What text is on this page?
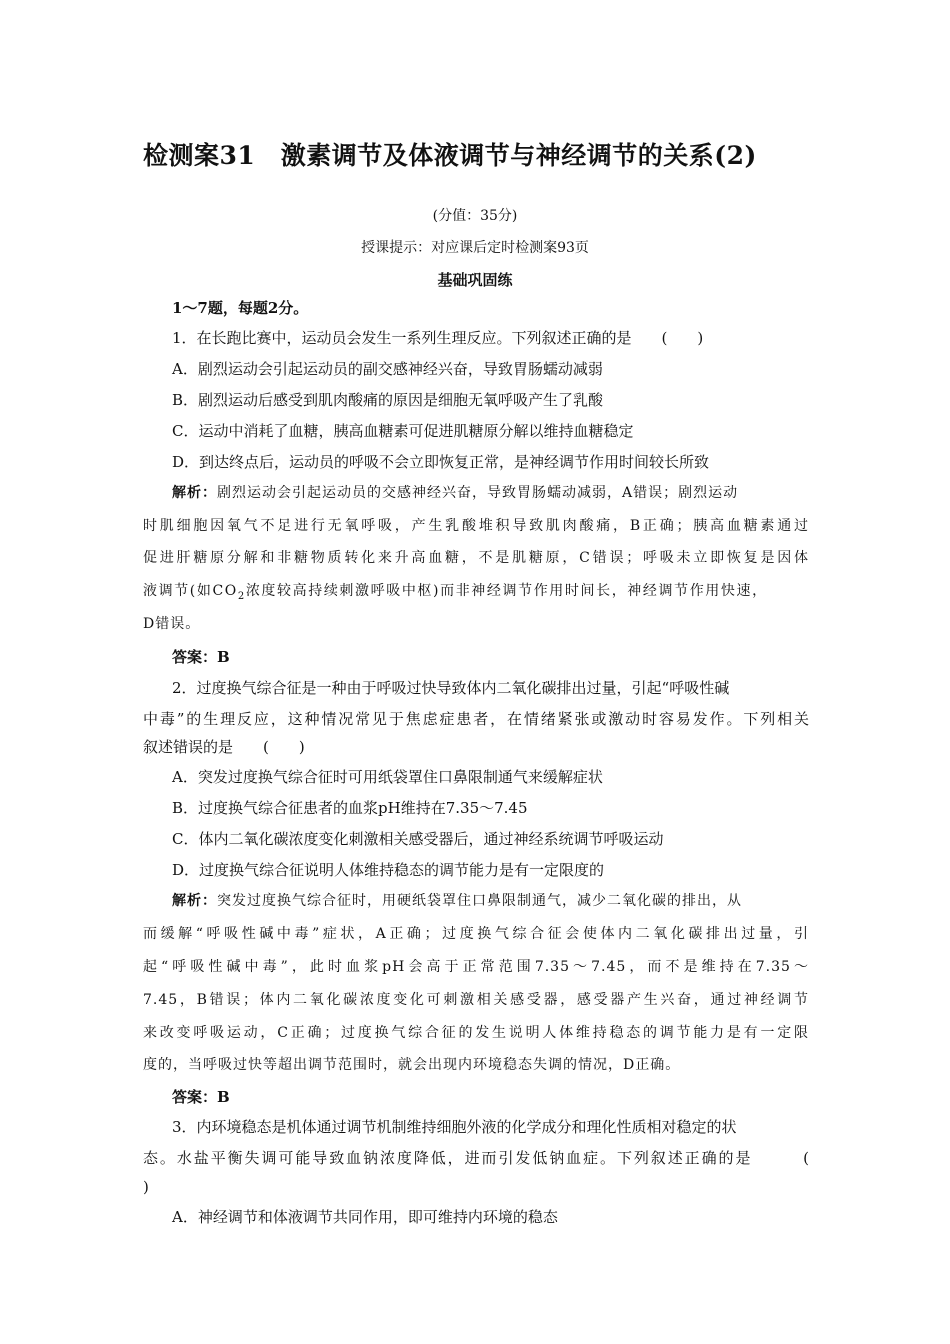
检测案31　激素调节及体液调节与神经调节的关系(2)
(分值：35分)
授课提示：对应课后定时检测案93页
基础巩固练
1～7题，每题2分。
1．在长跑比赛中，运动员会发生一系列生理反应。下列叙述正确的是　　(　　)
A．剧烈运动会引起运动员的副交感神经兴奋，导致胃肠蠕动减弱
B．剧烈运动后感受到肌肉酸痛的原因是细胞无氧呼吸产生了乳酸
C．运动中消耗了血糖，胰高血糖素可促进肌糖原分解以维持血糖稳定
D．到达终点后，运动员的呼吸不会立即恢复正常，是神经调节作用时间较长所致
解析：剧烈运动会引起运动员的交感神经兴奋，导致胃肠蠕动减弱，A错误；剧烈运动
时肌细胞因氧气不足进行无氧呼吸，产生乳酸堆积导致肌肉酸痛，B正确；胰高血糖素通过
促进肝糖原分解和非糖物质转化来升高血糖，不是肌糖原，C错误；呼吸未立即恢复是因体
液调节(如$CO_2$浓度较高持续刺激呼吸中枢)而非神经调节作用时间长，神经调节作用快速，
D错误。
答案：B
2．过度换气综合征是一种由于呼吸过快导致体内二氧化碳排出过量，引起“呼吸性碱
中毒”的生理反应，这种情况常见于焦虑症患者，在情绪紧张或激动时容易发作。下列相关
叙述错误的是　　(　　)
A．突发过度换气综合征时可用纸袋罩住口鼻限制通气来缓解症状
B．过度换气综合征患者的血浆pH维持在7.35～7.45
C．体内二氧化碳浓度变化刺激相关感受器后，通过神经系统调节呼吸运动
D．过度换气综合征说明人体维持稳态的调节能力是有一定限度的
解析：突发过度换气综合征时，用硬纸袋罩住口鼻限制通气，减少二氧化碳的排出，从
而缓解“呼吸性碱中毒”症状，A正确；过度换气综合征会使体内二氧化碳排出过量，引
起“呼吸性碱中毒”，此时血浆pH会高于正常范围7.35～7.45，而不是维持在7.35～
7.45，B错误；体内二氧化碳浓度变化可刺激相关感受器，感受器产生兴奋，通过神经调节
来改变呼吸运动，C正确；过度换气综合征的发生说明人体维持稳态的调节能力是有一定限
度的，当呼吸过快等超出调节范围时，就会出现内环境稳态失调的情况，D正确。
答案：B
3．内环境稳态是机体通过调节机制维持细胞外液的化学成分和理化性质相对稳定的状
态。水盐平衡失调可能导致血钠浓度降低，进而引发低钠血症。下列叙述正确的是　　　(
)
A．神经调节和体液调节共同作用，即可维持内环境的稳态
